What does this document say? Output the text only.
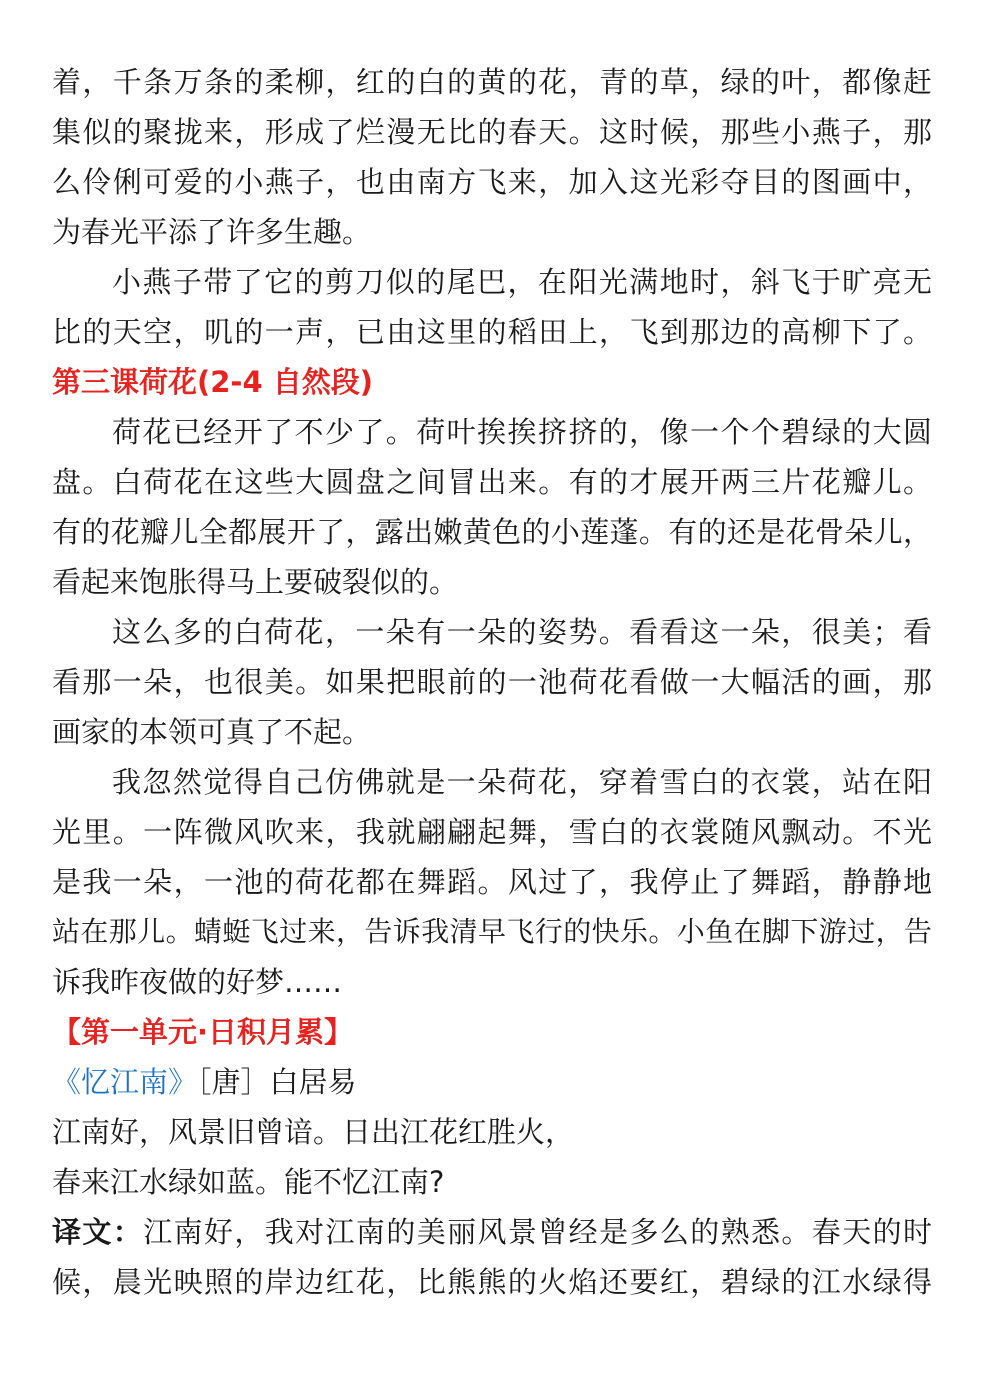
着，千条万条的柔柳，红的白的黄的花，青的草，绿的叶，都像赶
集似的聚拢来，形成了烂漫无比的春天。这时候，那些小燕子，那
么伶俐可爱的小燕子，也由南方飞来，加入这光彩夺目的图画中，
为春光平添了许多生趣。
小燕子带了它的剪刀似的尾巴，在阳光满地时，斜飞于旷亮无
比的天空，叽的一声，已由这里的稻田上，飞到那边的高柳下了。
第三课荷花(2-4 自然段)
荷花已经开了不少了。荷叶挨挨挤挤的，像一个个碧绿的大圆
盘。白荷花在这些大圆盘之间冒出来。有的才展开两三片花瓣儿。
有的花瓣儿全都展开了，露出嫩黄色的小莲蓬。有的还是花骨朵儿，
看起来饱胀得马上要破裂似的。
这么多的白荷花，一朵有一朵的姿势。看看这一朵，很美；看
看那一朵，也很美。如果把眼前的一池荷花看做一大幅活的画，那
画家的本领可真了不起。
我忽然觉得自己仿佛就是一朵荷花，穿着雪白的衣裳，站在阳
光里。一阵微风吹来，我就翩翩起舞，雪白的衣裳随风飘动。不光
是我一朵，一池的荷花都在舞蹈。风过了，我停止了舞蹈，静静地
站在那儿。蜻蜓飞过来，告诉我清早飞行的快乐。小鱼在脚下游过，告
诉我昨夜做的好梦……
【第一单元·日积月累】
《忆江南》［唐］白居易
江南好，风景旧曾谙。日出江花红胜火，
春来江水绿如蓝。能不忆江南?
译文：江南好，我对江南的美丽风景曾经是多么的熟悉。春天的时
候，晨光映照的岸边红花，比熊熊的火焰还要红，碧绿的江水绿得
